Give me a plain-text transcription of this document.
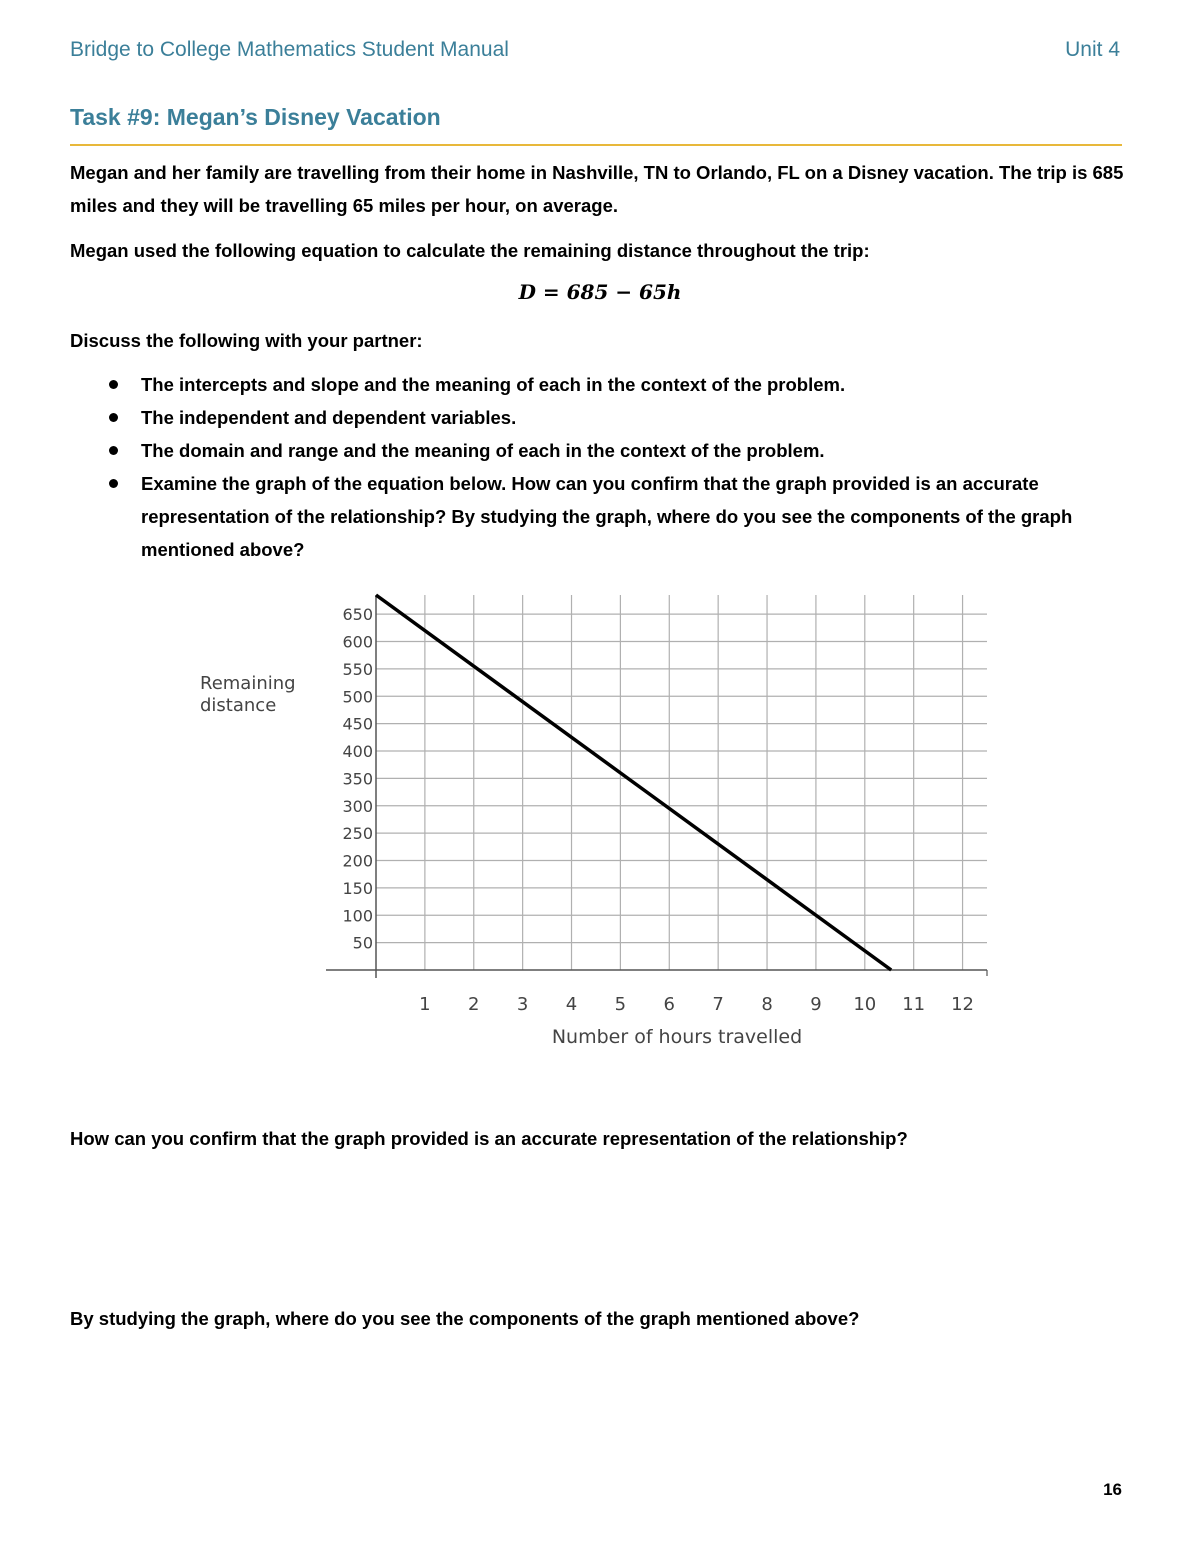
Bridge to College Mathematics Student Manual	Unit 4
Task #9: Megan’s Disney Vacation
Megan and her family are travelling from their home in Nashville, TN to Orlando, FL on a Disney vacation. The trip is 685 miles and they will be travelling 65 miles per hour, on average.
Megan used the following equation to calculate the remaining distance throughout the trip:
D = 685 − 65h
Discuss the following with your partner:
The intercepts and slope and the meaning of each in the context of the problem.
The independent and dependent variables.
The domain and range and the meaning of each in the context of the problem.
Examine the graph of the equation below. How can you confirm that the graph provided is an accurate representation of the relationship? By studying the graph, where do you see the components of the graph mentioned above?
50
100
150
200
250
300
350
400
450
500
550
600
650
1 2 3 4 5 6 7 8 9 10 11 12
Remaining
distance
Number of hours travelled
How can you confirm that the graph provided is an accurate representation of the relationship?
By studying the graph, where do you see the components of the graph mentioned above?
16
